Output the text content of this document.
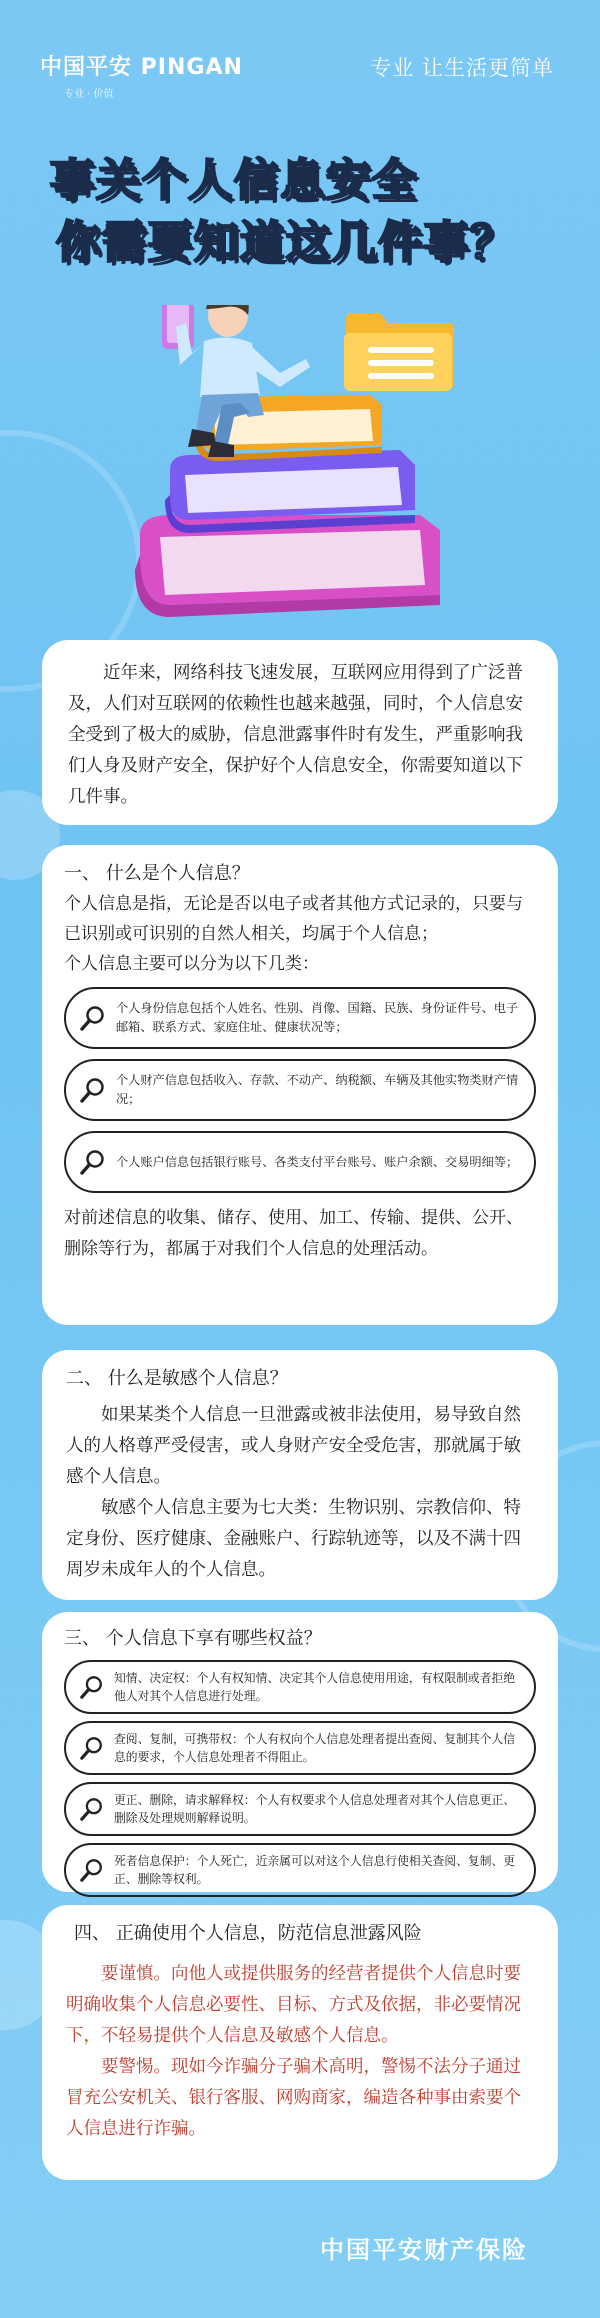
中国平安 PINGAN
专业 · 价值
专业 让生活更简单
事关个人信息安全
你需要知道这几件事？
近年来，网络科技飞速发展，互联网应用得到了广泛普及，人们对互联网的依赖性也越来越强，同时，个人信息安全受到了极大的威胁，信息泄露事件时有发生，严重影响我们人身及财产安全，保护好个人信息安全，你需要知道以下几件事。
一、 什么是个人信息？
个人信息是指，无论是否以电子或者其他方式记录的，只要与已识别或可识别的自然人相关，均属于个人信息；
个人信息主要可以分为以下几类：
个人身份信息包括个人姓名、性别、肖像、国籍、民族、身份证件号、电子邮箱、联系方式、家庭住址、健康状况等；
个人财产信息包括收入、存款、不动产、纳税额、车辆及其他实物类财产情况；
个人账户信息包括银行账号、各类支付平台账号、账户余额、交易明细等；
对前述信息的收集、储存、使用、加工、传输、提供、公开、删除等行为，都属于对我们个人信息的处理活动。
二、 什么是敏感个人信息？
如果某类个人信息一旦泄露或被非法使用，易导致自然人的人格尊严受侵害，或人身财产安全受危害，那就属于敏感个人信息。
敏感个人信息主要为七大类：生物识别、宗教信仰、特定身份、医疗健康、金融账户、行踪轨迹等，以及不满十四周岁未成年人的个人信息。
三、 个人信息下享有哪些权益？
知情、决定权：个人有权知情、决定其个人信息使用用途，有权限制或者拒绝他人对其个人信息进行处理。
查阅、复制，可携带权：个人有权向个人信息处理者提出查阅、复制其个人信息的要求，个人信息处理者不得阻止。
更正、删除，请求解释权：个人有权要求个人信息处理者对其个人信息更正、删除及处理规则解释说明。
死者信息保护：个人死亡，近亲属可以对这个人信息行使相关查阅、复制、更正、删除等权利。
四、 正确使用个人信息，防范信息泄露风险
要谨慎。向他人或提供服务的经营者提供个人信息时要明确收集个人信息必要性、目标、方式及依据，非必要情况下，不轻易提供个人信息及敏感个人信息。
要警惕。现如今诈骗分子骗术高明，警惕不法分子通过冒充公安机关、银行客服、网购商家，编造各种事由索要个人信息进行诈骗。
中国平安财产保险
